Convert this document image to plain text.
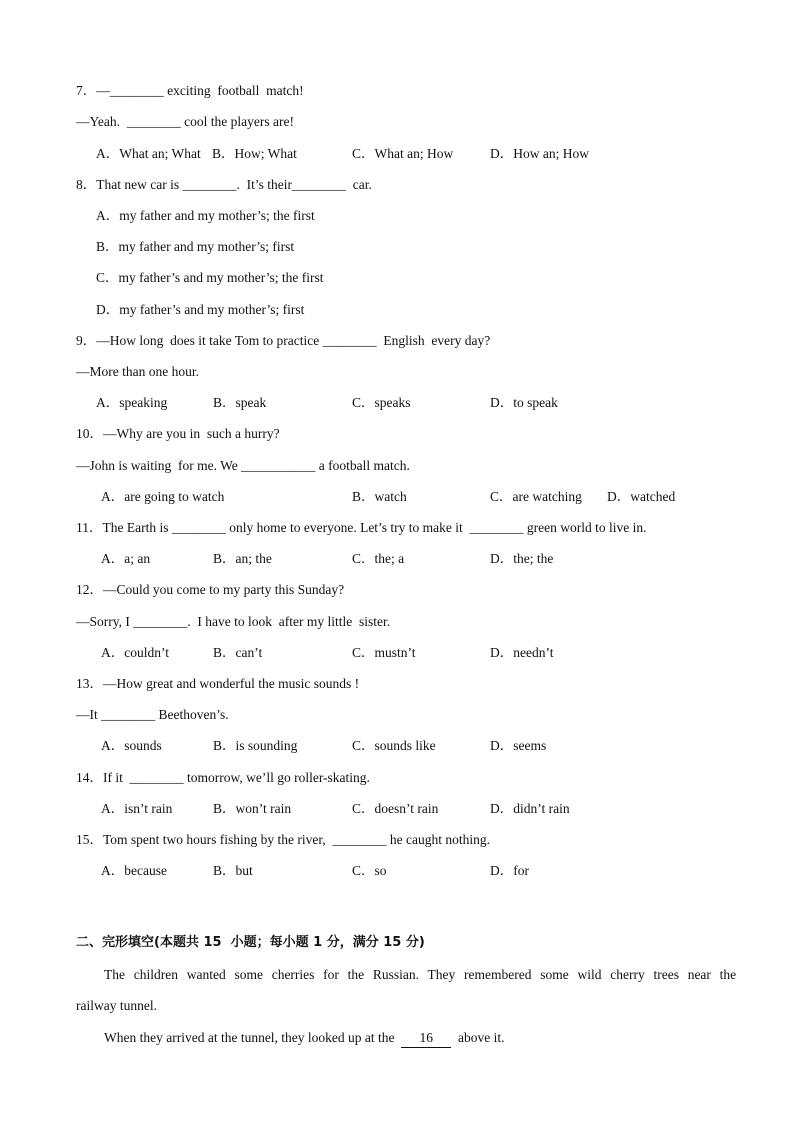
7．—________ exciting  football  match!
—Yeah.  ________ cool the players are!
A．What an; What B．How; What	C．What an; How	D．How an; How
8．That new car is ________.  It’s their________  car.
A．my father and my mother’s; the first
B．my father and my mother’s; first
C．my father’s and my mother’s; the first
D．my father’s and my mother’s; first
9．—How long  does it take Tom to practice ________  English  every day?
—More than one hour.
A．speaking	B．speak	C．speaks	D．to speak
10．—Why are you in  such a hurry?
—John is waiting  for me. We ___________ a football match.
A．are going to watch	B．watch	C．are watching D．watched
11．The Earth is ________ only home to everyone. Let’s try to make it  ________ green world to live in.
A．a; an	B．an; the	C．the; a	D．the; the
12．—Could you come to my party this Sunday?
—Sorry, I ________.  I have to look  after my little  sister.
A．couldn’t	B．can’t	C．mustn’t	D．needn’t
13．—How great and wonderful the music sounds !
—It ________ Beethoven’s.
A．sounds	B．is sounding	C．sounds like	D．seems
14．If it  ________ tomorrow, we’ll go roller-skating.
A．isn’t rain	B．won’t rain	C．doesn’t rain	D．didn’t rain
15．Tom spent two hours fishing by the river,  ________ he caught nothing.
A．because	B．but	C．so	D．for
二、完形填空(本题共 15  小题；每小题 1 分，满分 15 分)
The  children  wanted  some  cherries  for  the  Russian.  They  remembered  some  wild  cherry  trees  near  the
railway tunnel.
When they arrived at the tunnel, they looked up at the 16 above it.
